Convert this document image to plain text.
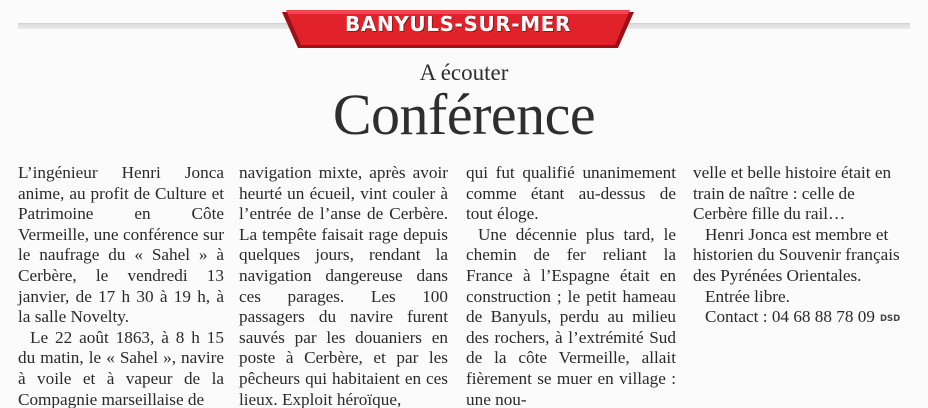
BANYULS-SUR-MER
A écouter
Conférence

L’ingénieur Henri Jonca anime, au profit de Culture et Patrimoine en Côte Vermeille, une conférence sur le naufrage du « Sahel » à Cerbère, le vendredi 13 janvier, de 17 h 30 à 19 h, à la salle Novelty.

Le 22 août 1863, à 8 h 15 du matin, le « Sahel », navire à voile et à vapeur de la Compagnie marseillaise de

navigation mixte, après avoir heurté un écueil, vint couler à l’entrée de l’anse de Cerbère. La tempête faisait rage depuis quelques jours, rendant la navigation dangereuse dans ces parages. Les 100 passagers du navire furent sauvés par les douaniers en poste à Cerbère, et par les pêcheurs qui habitaient en ces lieux. Exploit héroïque,

qui fut qualifié unanimement comme étant au-dessus de tout éloge.

Une décennie plus tard, le chemin de fer reliant la France à l’Espagne était en construction ; le petit hameau de Banyuls, perdu au milieu des rochers, à l’extrémité Sud de la côte Vermeille, allait fièrement se muer en village : une nou-

velle et belle histoire était en train de naître : celle de Cerbère fille du rail…

Henri Jonca est membre et historien du Souvenir français des Pyrénées Orientales.

Entrée libre.

Contact : 04 68 88 78 09 DSD
